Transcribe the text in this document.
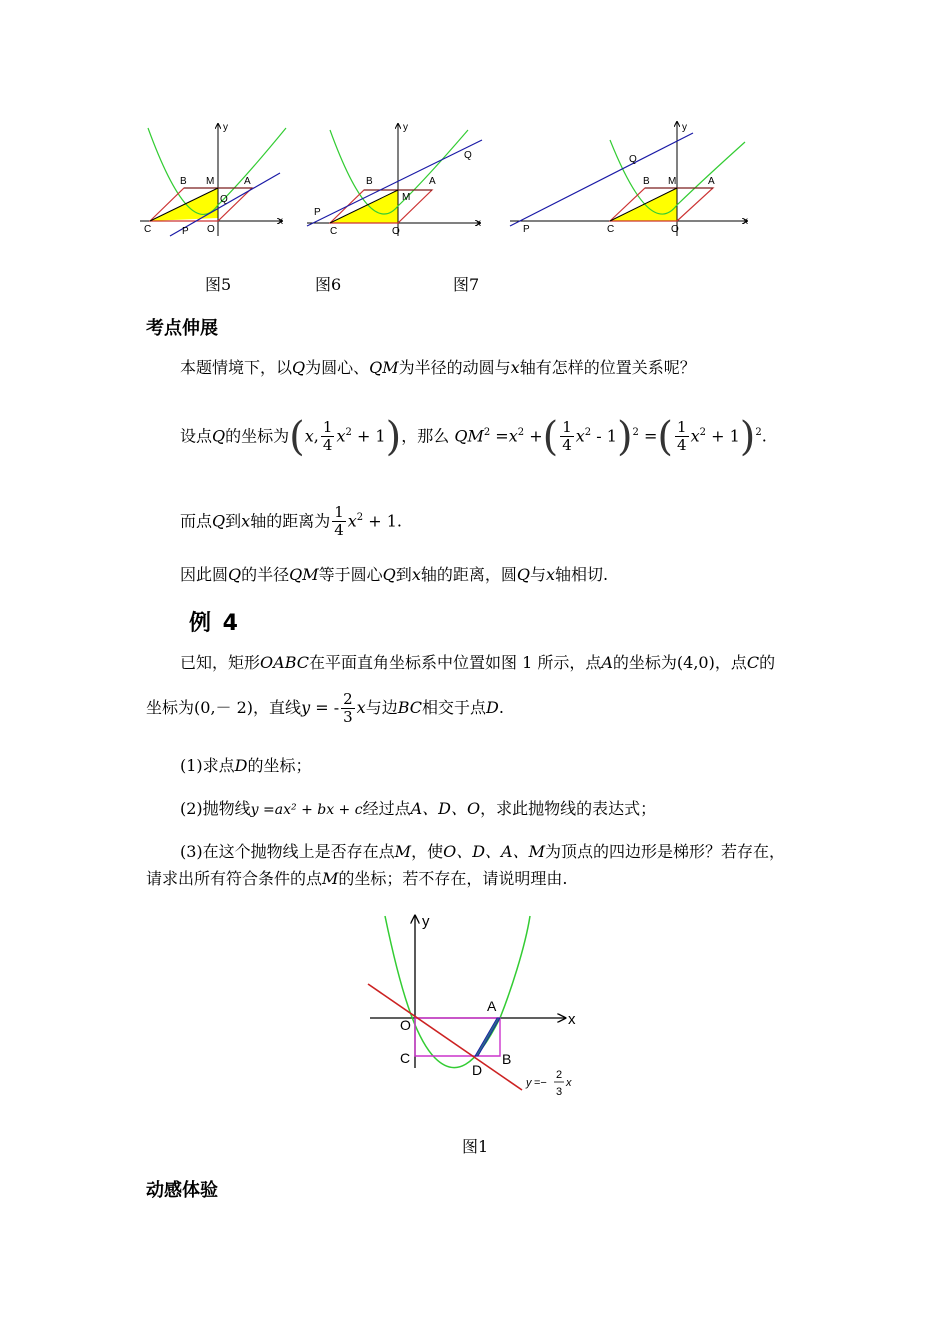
y
x
B M	A
Q
C	P O
y
x
B
M
A
Q
C
P
O
y
x
B M	A
Q
C
P	O
图5	图6	图7
考点伸展
本题情境下，以Q为圆心、QM为半径的动圆与x轴有怎样的位置关系呢？
设点Q的坐标为(x, $\frac{1}{4} x^2 + 1$)，那么 $QM^2 =x^2$ +( $\frac{1}{4} x^2 - 1)^2$ =( $\frac{1}{4} x^2 + 1)^2$.
而点Q到x轴的距离为 $\frac{1}{4} x^2 + 1$.
因此圆Q的半径QM等于圆心Q到x轴的距离，圆Q与x轴相切.
例 4
已知，矩形OABC在平面直角坐标系中位置如图 1 所示，点A的坐标为(4,0)，点C的
坐标为(0,－ 2)，直线y = - $\frac{2}{3}$ x与边BC相交于点D.
(1)求点D的坐标；
(2)抛物线y =ax² + bx + c经过点A、D、O，求此抛物线的表达式；
(3)在这个抛物线上是否存在点M，使O、D、A、M为顶点的四边形是梯形？若存在，
请求出所有符合条件的点M的坐标；若不存在，请说明理由.
y
x
A
O
C	B
D
y =−
2
3
x
图1
动感体验
